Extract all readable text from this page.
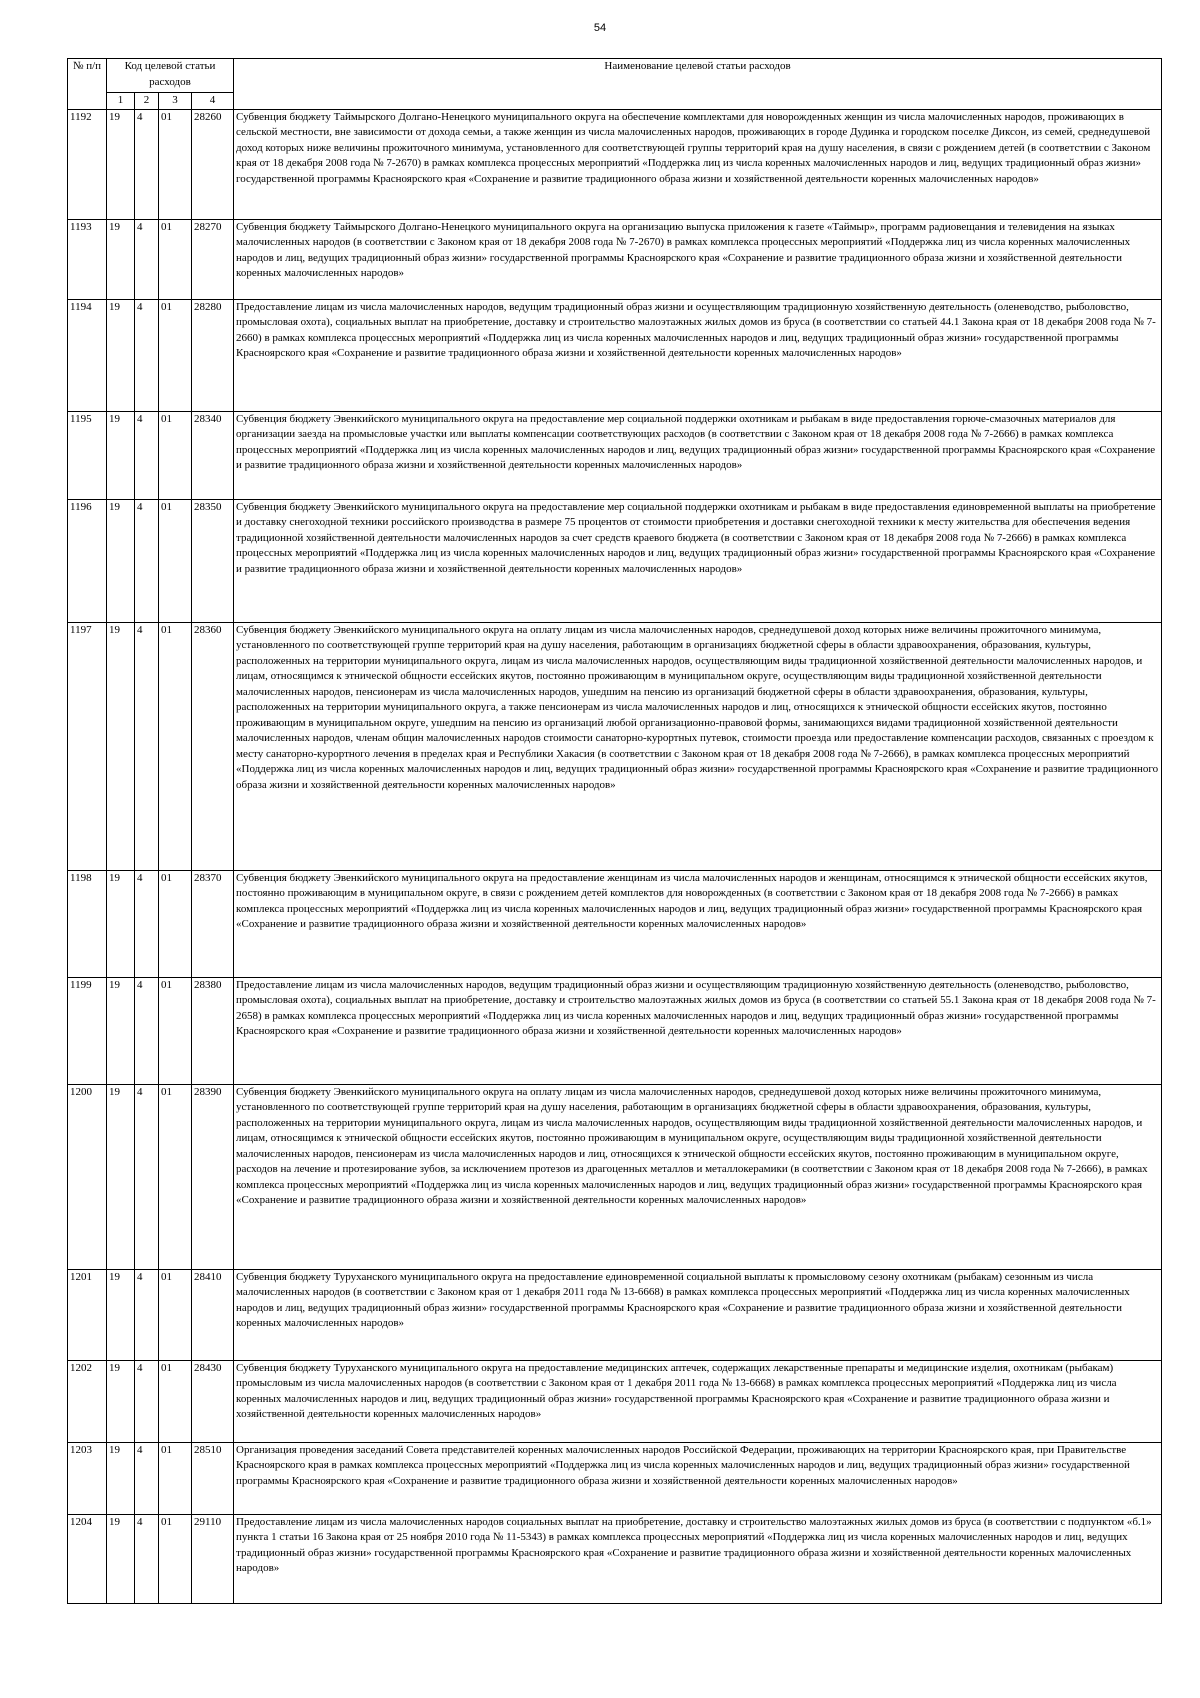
54
№ п/п	Код целевой статьи расходов				Наименование целевой статьи расходов
	1	2	3	4	
1192	19	4	01	28260	Субвенция бюджету Таймырского Долгано-Ненецкого муниципального округа на обеспечение комплектами для новорожденных женщин из числа малочисленных народов, проживающих в сельской местности, вне зависимости от дохода семьи, а также женщин из числа малочисленных народов, проживающих в городе Дудинка и городском поселке Диксон, из семей, среднедушевой доход которых ниже величины прожиточного минимума, установленного для соответствующей группы территорий края на душу населения, в связи с рождением детей (в соответствии с Законом края от 18 декабря 2008 года № 7-2670) в рамках комплекса процессных мероприятий «Поддержка лиц из числа коренных малочисленных народов и лиц, ведущих традиционный образ жизни» государственной программы Красноярского края «Сохранение и развитие традиционного образа жизни и хозяйственной деятельности коренных малочисленных народов»
1193	19	4	01	28270	Субвенция бюджету Таймырского Долгано-Ненецкого муниципального округа на организацию выпуска приложения к газете «Таймыр», программ радиовещания и телевидения на языках малочисленных народов (в соответствии с Законом края от 18 декабря 2008 года № 7-2670) в рамках комплекса процессных мероприятий «Поддержка лиц из числа коренных малочисленных народов и лиц, ведущих традиционный образ жизни» государственной программы Красноярского края «Сохранение и развитие традиционного образа жизни и хозяйственной деятельности коренных малочисленных народов»
1194	19	4	01	28280	Предоставление лицам из числа малочисленных народов, ведущим традиционный образ жизни и осуществляющим традиционную хозяйственную деятельность (оленеводство, рыболовство, промысловая охота), социальных выплат на приобретение, доставку и строительство малоэтажных жилых домов из бруса (в соответствии со статьей 44.1 Закона края от 18 декабря 2008 года № 7-2660) в рамках комплекса процессных мероприятий «Поддержка лиц из числа коренных малочисленных народов и лиц, ведущих традиционный образ жизни» государственной программы Красноярского края «Сохранение и развитие традиционного образа жизни и хозяйственной деятельности коренных малочисленных народов»
1195	19	4	01	28340	Субвенция бюджету Эвенкийского муниципального округа на предоставление мер социальной поддержки охотникам и рыбакам в виде предоставления горюче-смазочных материалов для организации заезда на промысловые участки или выплаты компенсации соответствующих расходов (в соответствии с Законом края от 18 декабря 2008 года № 7-2666) в рамках комплекса процессных мероприятий «Поддержка лиц из числа коренных малочисленных народов и лиц, ведущих традиционный образ жизни» государственной программы Красноярского края «Сохранение и развитие традиционного образа жизни и хозяйственной деятельности коренных малочисленных народов»
1196	19	4	01	28350	Субвенция бюджету Эвенкийского муниципального округа на предоставление мер социальной поддержки охотникам и рыбакам в виде предоставления единовременной выплаты на приобретение и доставку снегоходной техники российского производства в размере 75 процентов от стоимости приобретения и доставки снегоходной техники к месту жительства для обеспечения ведения традиционной хозяйственной деятельности малочисленных народов за счет средств краевого бюджета (в соответствии с Законом края от 18 декабря 2008 года № 7-2666) в рамках комплекса процессных мероприятий «Поддержка лиц из числа коренных малочисленных народов и лиц, ведущих традиционный образ жизни» государственной программы Красноярского края «Сохранение и развитие традиционного образа жизни и хозяйственной деятельности коренных малочисленных народов»
1197	19	4	01	28360	Субвенция бюджету Эвенкийского муниципального округа на оплату лицам из числа малочисленных народов, среднедушевой доход которых ниже величины прожиточного минимума, установленного по соответствующей группе территорий края на душу населения, работающим в организациях бюджетной сферы в области здравоохранения, образования, культуры, расположенных на территории муниципального округа, лицам из числа малочисленных народов, осуществляющим виды традиционной хозяйственной деятельности малочисленных народов, и лицам, относящимся к этнической общности ессейских якутов, постоянно проживающим в муниципальном округе, осуществляющим виды традиционной хозяйственной деятельности малочисленных народов, пенсионерам из числа малочисленных народов, ушедшим на пенсию из организаций бюджетной сферы в области здравоохранения, образования, культуры, расположенных на территории муниципального округа, а также пенсионерам из числа малочисленных народов и лиц, относящихся к этнической общности ессейских якутов, постоянно проживающим в муниципальном округе, ушедшим на пенсию из организаций любой организационно-правовой формы, занимающихся видами традиционной хозяйственной деятельности малочисленных народов, членам общин малочисленных народов стоимости санаторно-курортных путевок, стоимости проезда или предоставление компенсации расходов, связанных с проездом к месту санаторно-курортного лечения в пределах края и Республики Хакасия (в соответствии с Законом края от 18 декабря 2008 года № 7-2666), в рамках комплекса процессных мероприятий «Поддержка лиц из числа коренных малочисленных народов и лиц, ведущих традиционный образ жизни» государственной программы Красноярского края «Сохранение и развитие традиционного образа жизни и хозяйственной деятельности коренных малочисленных народов»
1198	19	4	01	28370	Субвенция бюджету Эвенкийского муниципального округа на предоставление женщинам из числа малочисленных народов и женщинам, относящимся к этнической общности ессейских якутов, постоянно проживающим в муниципальном округе, в связи с рождением детей комплектов для новорожденных (в соответствии с Законом края от 18 декабря 2008 года № 7-2666) в рамках комплекса процессных мероприятий «Поддержка лиц из числа коренных малочисленных народов и лиц, ведущих традиционный образ жизни» государственной программы Красноярского края «Сохранение и развитие традиционного образа жизни и хозяйственной деятельности коренных малочисленных народов»
1199	19	4	01	28380	Предоставление лицам из числа малочисленных народов, ведущим традиционный образ жизни и осуществляющим традиционную хозяйственную деятельность (оленеводство, рыболовство, промысловая охота), социальных выплат на приобретение, доставку и строительство малоэтажных жилых домов из бруса (в соответствии со статьей 55.1 Закона края от 18 декабря 2008 года № 7-2658) в рамках комплекса процессных мероприятий «Поддержка лиц из числа коренных малочисленных народов и лиц, ведущих традиционный образ жизни» государственной программы Красноярского края «Сохранение и развитие традиционного образа жизни и хозяйственной деятельности коренных малочисленных народов»
1200	19	4	01	28390	Субвенция бюджету Эвенкийского муниципального округа на оплату лицам из числа малочисленных народов, среднедушевой доход которых ниже величины прожиточного минимума, установленного по соответствующей группе территорий края на душу населения, работающим в организациях бюджетной сферы в области здравоохранения, образования, культуры, расположенных на территории муниципального округа, лицам из числа малочисленных народов, осуществляющим виды традиционной хозяйственной деятельности малочисленных народов, и лицам, относящимся к этнической общности ессейских якутов, постоянно проживающим в муниципальном округе, осуществляющим виды традиционной хозяйственной деятельности малочисленных народов, пенсионерам из числа малочисленных народов и лиц, относящихся к этнической общности ессейских якутов, постоянно проживающим в муниципальном округе, расходов на лечение и протезирование зубов, за исключением протезов из драгоценных металлов и металлокерамики (в соответствии с Законом края от 18 декабря 2008 года № 7-2666), в рамках комплекса процессных мероприятий «Поддержка лиц из числа коренных малочисленных народов и лиц, ведущих традиционный образ жизни» государственной программы Красноярского края «Сохранение и развитие традиционного образа жизни и хозяйственной деятельности коренных малочисленных народов»
1201	19	4	01	28410	Субвенция бюджету Туруханского муниципального округа на предоставление единовременной социальной выплаты к промысловому сезону охотникам (рыбакам) сезонным из числа малочисленных народов (в соответствии с Законом края от 1 декабря 2011 года № 13-6668) в рамках комплекса процессных мероприятий «Поддержка лиц из числа коренных малочисленных народов и лиц, ведущих традиционный образ жизни» государственной программы Красноярского края «Сохранение и развитие традиционного образа жизни и хозяйственной деятельности коренных малочисленных народов»
1202	19	4	01	28430	Субвенция бюджету Туруханского муниципального округа на предоставление медицинских аптечек, содержащих лекарственные препараты и медицинские изделия, охотникам (рыбакам) промысловым из числа малочисленных народов (в соответствии с Законом края от 1 декабря 2011 года № 13-6668) в рамках комплекса процессных мероприятий «Поддержка лиц из числа коренных малочисленных народов и лиц, ведущих традиционный образ жизни» государственной программы Красноярского края «Сохранение и развитие традиционного образа жизни и хозяйственной деятельности коренных малочисленных народов»
1203	19	4	01	28510	Организация проведения заседаний Совета представителей коренных малочисленных народов Российской Федерации, проживающих на территории Красноярского края, при Правительстве Красноярского края в рамках комплекса процессных мероприятий «Поддержка лиц из числа коренных малочисленных народов и лиц, ведущих традиционный образ жизни» государственной программы Красноярского края «Сохранение и развитие традиционного образа жизни и хозяйственной деятельности коренных малочисленных народов»
1204	19	4	01	29110	Предоставление лицам из числа малочисленных народов социальных выплат на приобретение, доставку и строительство малоэтажных жилых домов из бруса (в соответствии с подпунктом «б.1» пункта 1 статьи 16 Закона края от 25 ноября 2010 года № 11-5343) в рамках комплекса процессных мероприятий «Поддержка лиц из числа коренных малочисленных народов и лиц, ведущих традиционный образ жизни» государственной программы Красноярского края «Сохранение и развитие традиционного образа жизни и хозяйственной деятельности коренных малочисленных народов»
